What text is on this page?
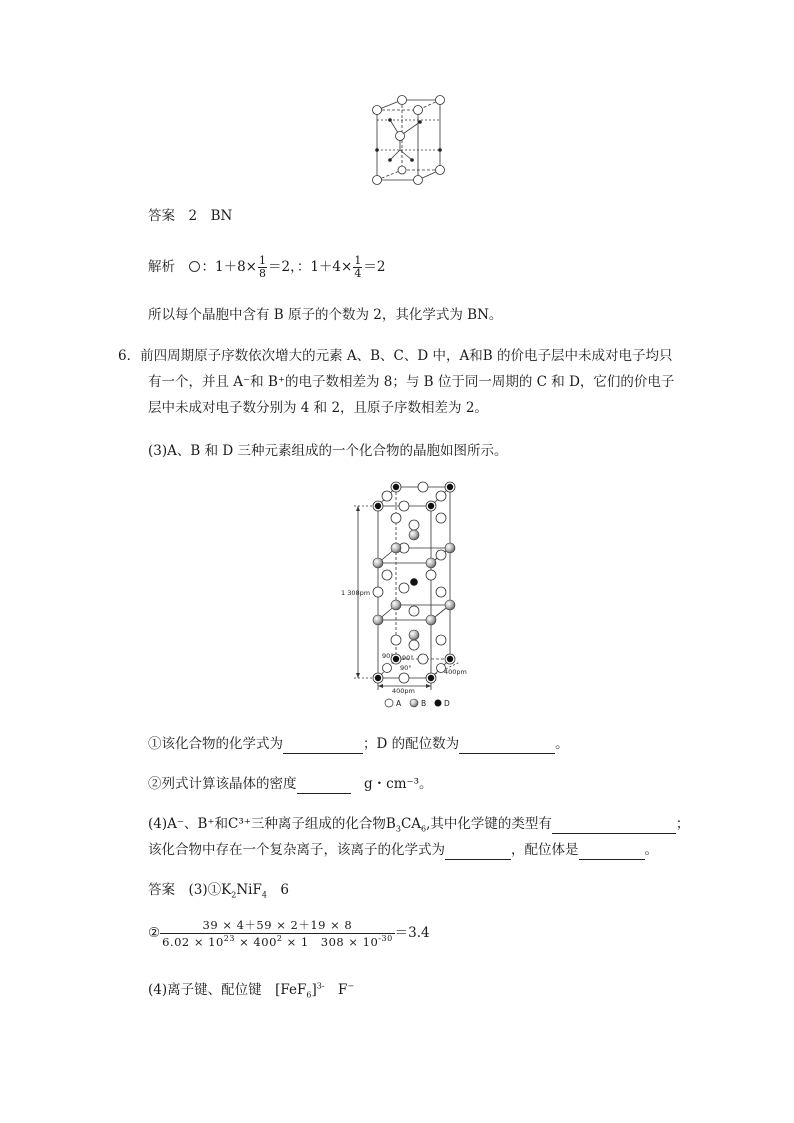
答案　 2　BN
解析　 ：$1+8\times \frac{1}{8} =2$，：$1+4\times \frac{1}{4} =2$
所以每个晶胞中含有 B 原子的个数为 2，其化学式为 BN。
6．前四周期原子序数依次增大的元素 A、B、C、D 中，A和B 的价电子层中未成对电子均只
有一个，并且 A⁻和 B⁺的电子数相差为 8；与 B 位于同一周期的 C 和 D，它们的价电子
层中未成对电子数分别为 4 和 2，且原子序数相差为 2。
(3)A、B 和 D 三种元素组成的一个化合物的晶胞如图所示。
1 308pm
400pm
400pm
90° 90°
90°
A	B D
①该化合物的化学式为	；D 的配位数为	。
②列式计算该晶体的密度　	g・cm⁻³。
(4)A⁻、B⁺和C³⁺三种离子组成的化合物$B_3CA_6$,其中化学键的类型有	；
该化合物中存在一个复杂离子，该离子的化学式为	，配位体是	。
答案　 $(3)①K_2NiF_4$　6
② $\frac{39 \times 4+59 \times 2+19 \times 8}{6.02 \times 10^{23} \times 400^2 \times 1 308 \times 10^{-30}} =3.4$
(4)离子键、配位键　$[FeF_6]^{3-}$　F−
